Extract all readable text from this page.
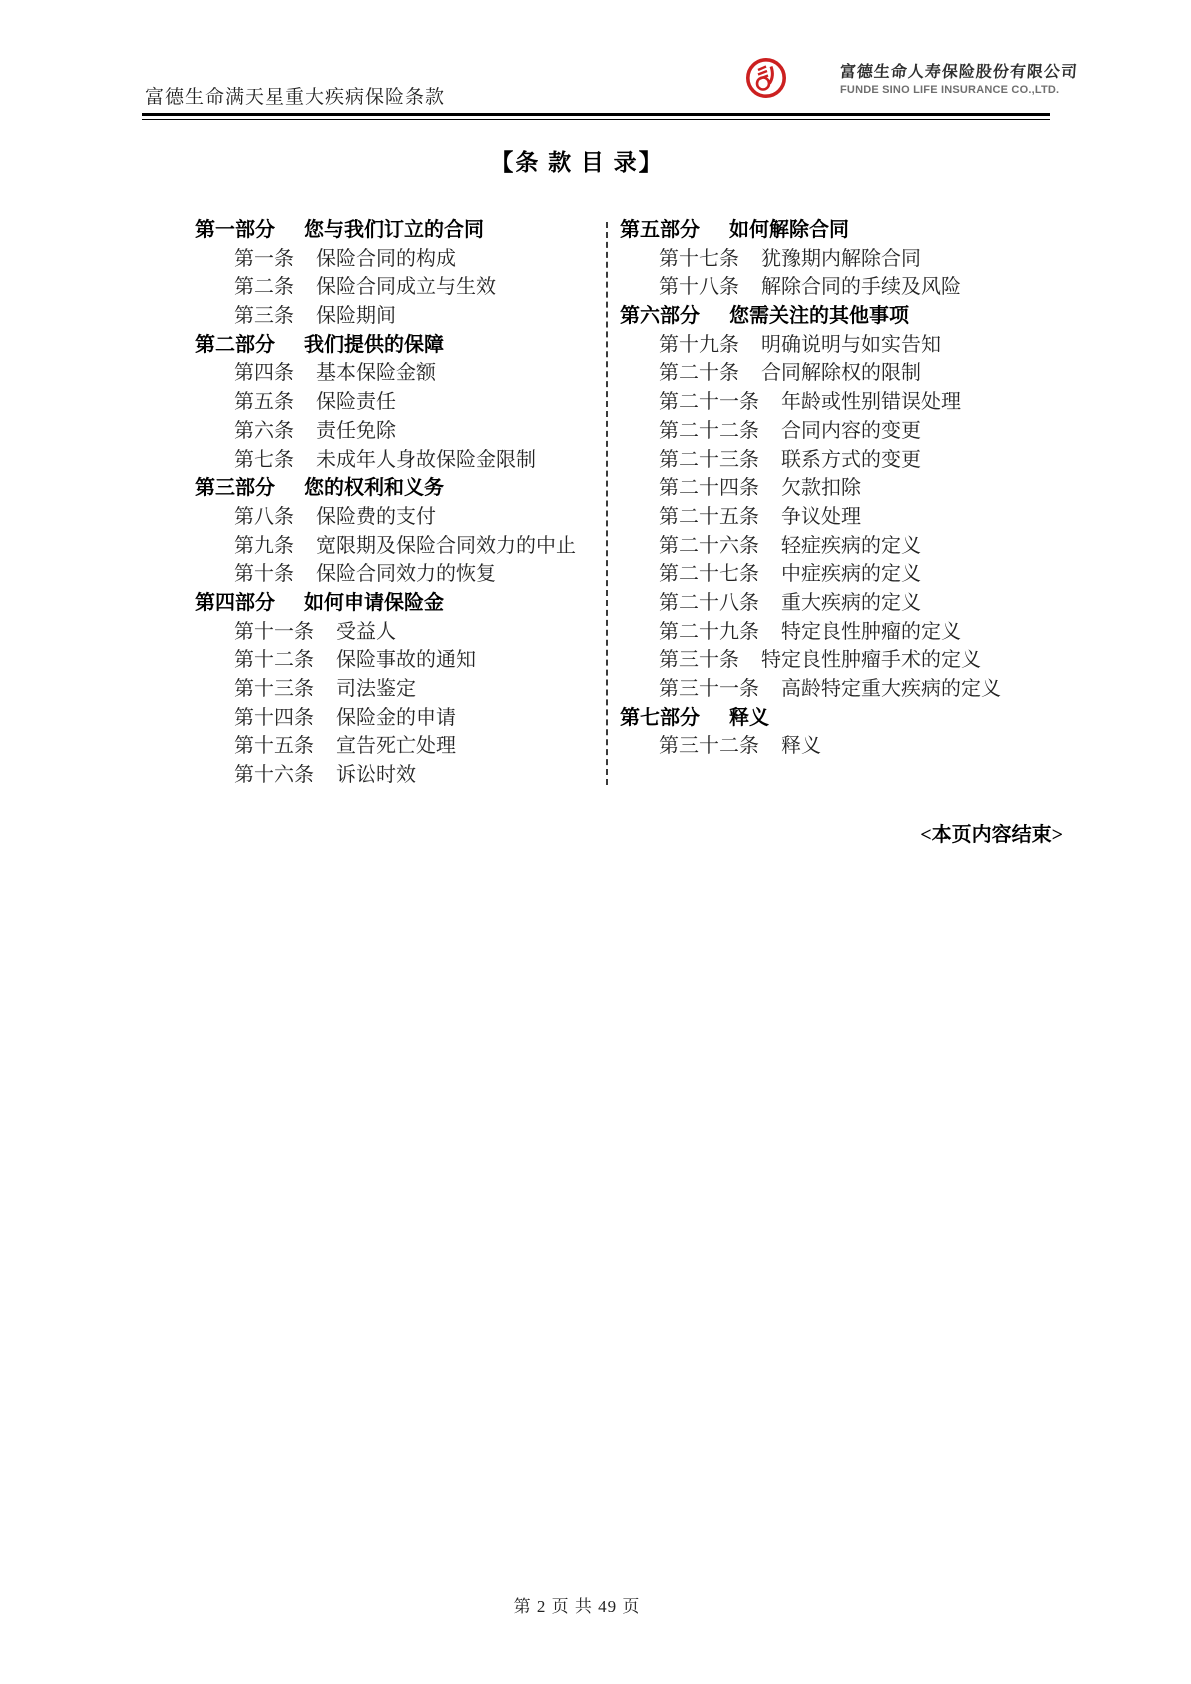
富德生命满天星重大疾病保险条款
富德生命人寿保险股份有限公司
FUNDE SINO LIFE INSURANCE CO.,LTD.
【条 款 目 录】
第一部分 您与我们订立的合同
第一条 保险合同的构成
第二条 保险合同成立与生效
第三条 保险期间
第二部分 我们提供的保障
第四条 基本保险金额
第五条 保险责任
第六条 责任免除
第七条 未成年人身故保险金限制
第三部分 您的权利和义务
第八条 保险费的支付
第九条 宽限期及保险合同效力的中止
第十条 保险合同效力的恢复
第四部分 如何申请保险金
第十一条 受益人
第十二条 保险事故的通知
第十三条 司法鉴定
第十四条 保险金的申请
第十五条 宣告死亡处理
第十六条 诉讼时效
第五部分 如何解除合同
第十七条 犹豫期内解除合同
第十八条 解除合同的手续及风险
第六部分 您需关注的其他事项
第十九条 明确说明与如实告知
第二十条 合同解除权的限制
第二十一条 年龄或性别错误处理
第二十二条 合同内容的变更
第二十三条 联系方式的变更
第二十四条 欠款扣除
第二十五条 争议处理
第二十六条 轻症疾病的定义
第二十七条 中症疾病的定义
第二十八条 重大疾病的定义
第二十九条 特定良性肿瘤的定义
第三十条 特定良性肿瘤手术的定义
第三十一条 高龄特定重大疾病的定义
第七部分 释义
第三十二条 释义
<本页内容结束>
第 2 页 共 49 页
